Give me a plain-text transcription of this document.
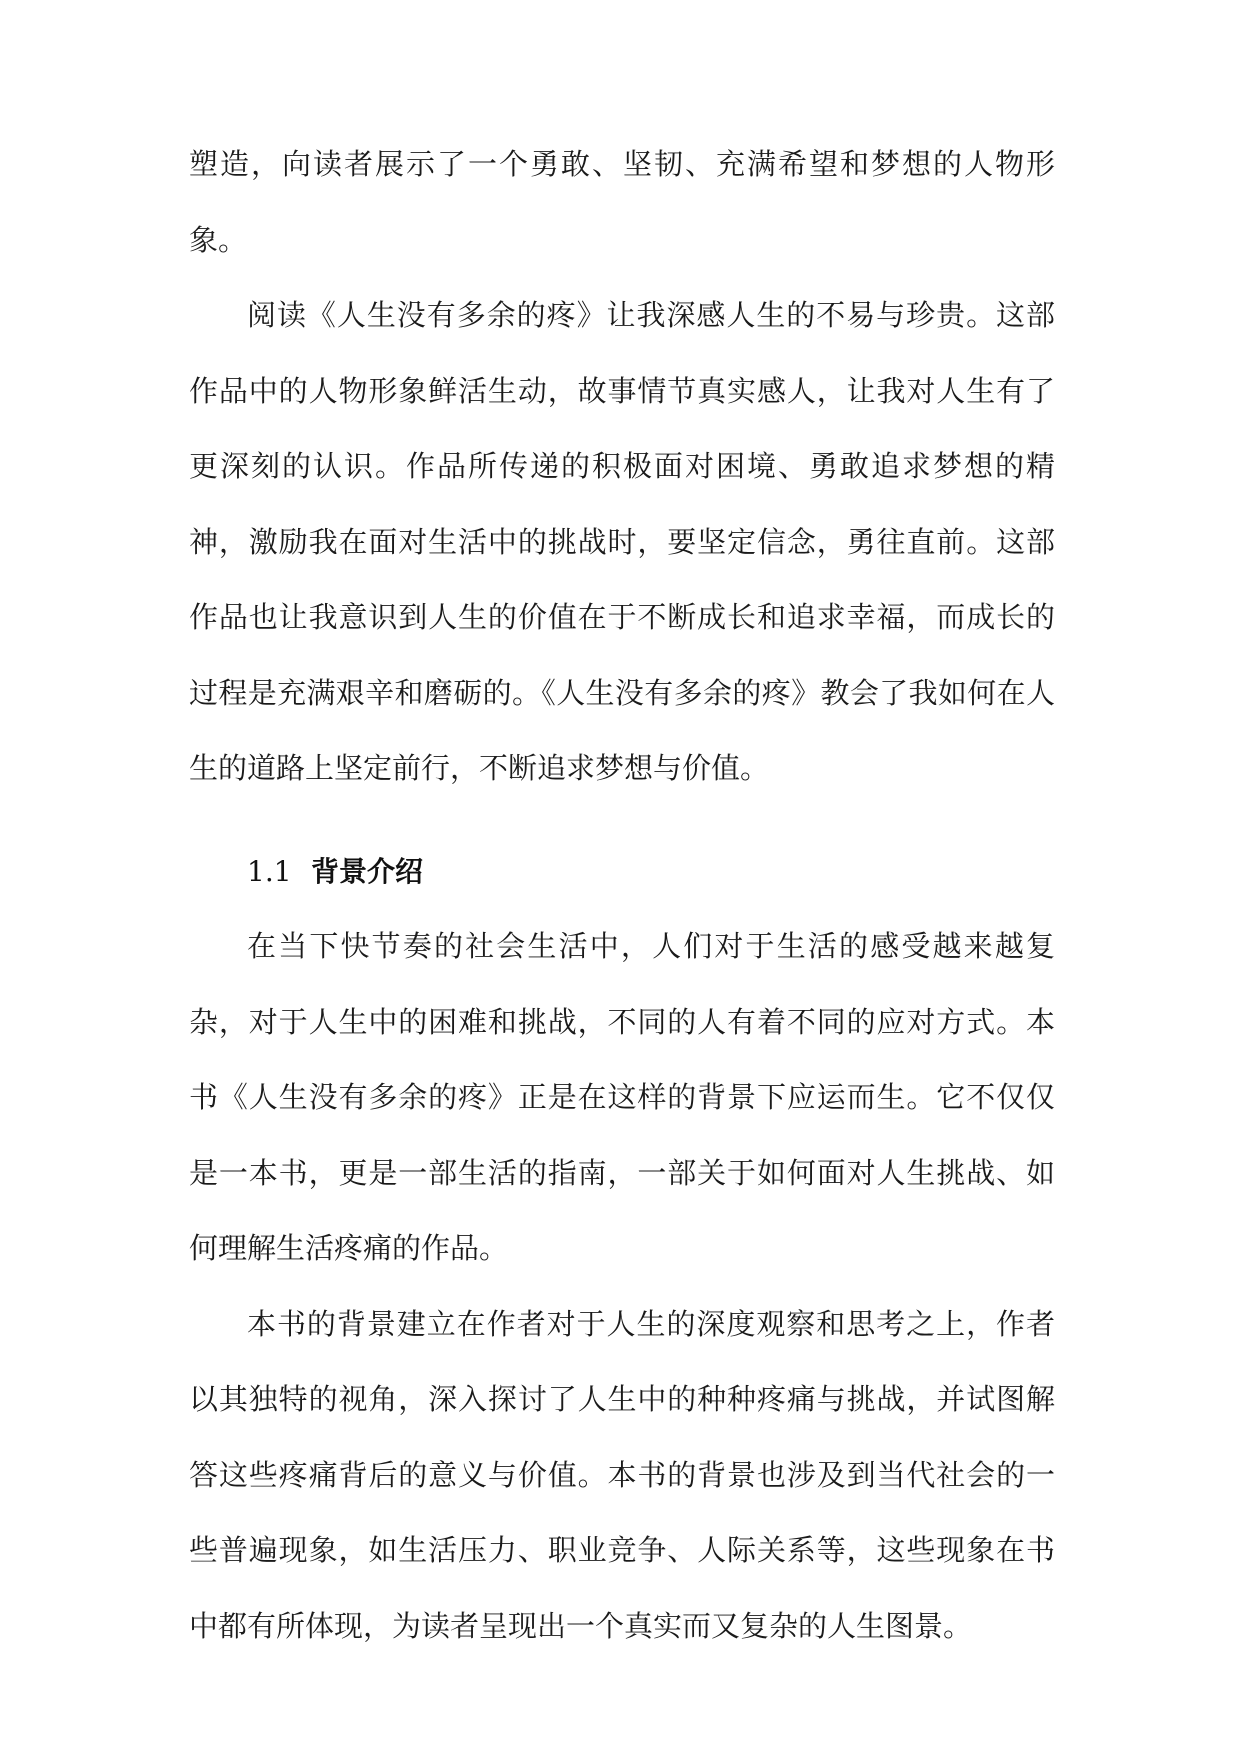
塑造，向读者展示了一个勇敢、坚韧、充满希望和梦想的人物形象。

阅读《人生没有多余的疼》让我深感人生的不易与珍贵。这部作品中的人物形象鲜活生动，故事情节真实感人，让我对人生有了更深刻的认识。作品所传递的积极面对困境、勇敢追求梦想的精神，激励我在面对生活中的挑战时，要坚定信念，勇往直前。这部作品也让我意识到人生的价值在于不断成长和追求幸福，而成长的过程是充满艰辛和磨砺的。《人生没有多余的疼》教会了我如何在人生的道路上坚定前行，不断追求梦想与价值。

1.1 背景介绍

在当下快节奏的社会生活中，人们对于生活的感受越来越复杂，对于人生中的困难和挑战，不同的人有着不同的应对方式。本书《人生没有多余的疼》正是在这样的背景下应运而生。它不仅仅是一本书，更是一部生活的指南，一部关于如何面对人生挑战、如何理解生活疼痛的作品。

本书的背景建立在作者对于人生的深度观察和思考之上，作者以其独特的视角，深入探讨了人生中的种种疼痛与挑战，并试图解答这些疼痛背后的意义与价值。本书的背景也涉及到当代社会的一些普遍现象，如生活压力、职业竞争、人际关系等，这些现象在书中都有所体现，为读者呈现出一个真实而又复杂的人生图景。
